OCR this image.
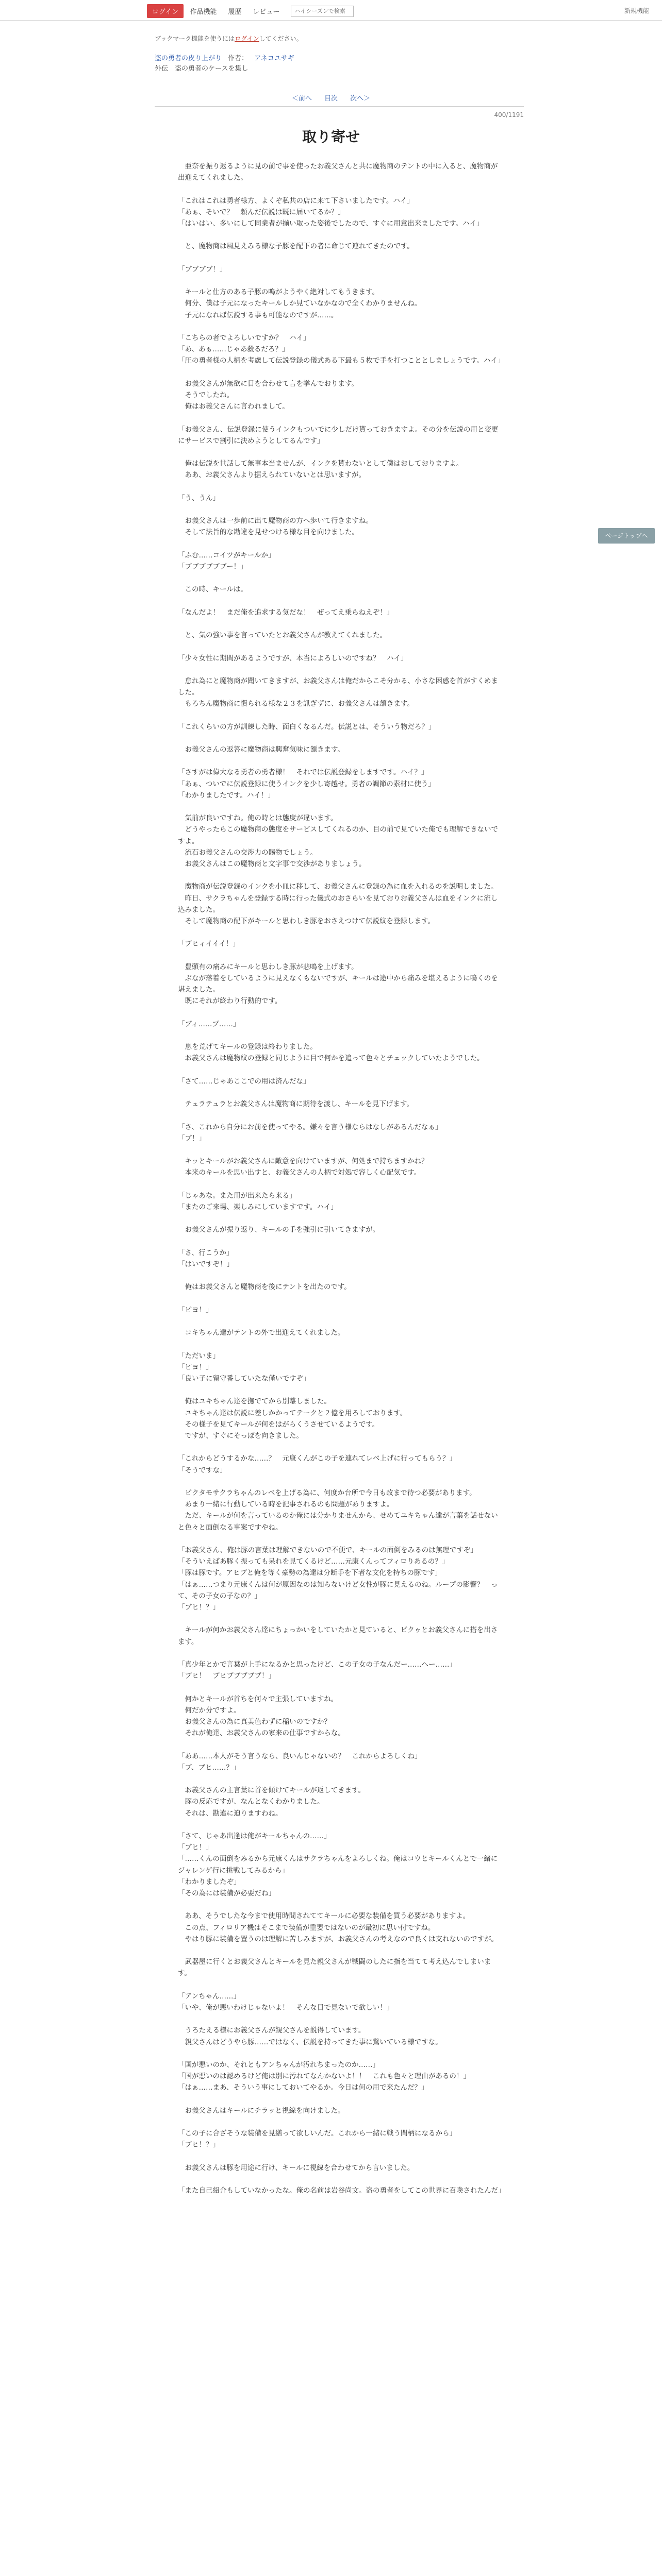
ログイン	作品機能 履歴 レビュー
ハイシーズンで検索	新規機能
ブックマーク機能を使うにはログインしてください。
盗の勇者の皮り上がり 作者： アネコユサギ
外伝　盗の勇者のケースを集し
＜前へ 目次 次へ＞
400/1191
取り寄せ

　亜奈を振り返るように見の前で事を使ったお義父さんと共に魔物商のテントの中に入ると、魔物商が出迎えてくれました。

「これはこれは勇者様方、よくぞ私共の店に来て下さいましたです。ハイ」
「あぁ、そいで？　頼んだ伝説は既に届いてるか？」
「はいはい、多いにして同業者が揃い取った姿後でしたので、すぐに用意出来ましたです。ハイ」

　と、魔物商は風見えみる様な子豚を配下の者に命じて連れてきたのです。

「ブブブブ！」

　キールと仕方のある子豚の鳴がようやく絶対してもうきます。
　何分、僕は子元になったキールしか見ていなかなので全くわかりませんね。
　子元になれば伝説する事も可能なのですが……。

「こちらの者でよろしいですか？　ハイ」
「あ、あぁ……じゃあ殺るだろ？」
「圧の勇者様の人柄を考慮して伝説登録の儀式ある下最も５枚で手を打つこととしましょうです。ハイ」

　お義父さんが無欲に目を合わせて言を挙んでおります。
　そうでしたね。
　俺はお義父さんに言われまして。

「お義父さん、伝説登録に使うインクもついでに少しだけ貰っておきますよ。その分を伝説の用と変更にサービスで割引に決めようとしてるんです」

　俺は伝説を世話して無事本当ませんが、インクを貰わないとして僕はおしておりますよ。
　ああ、お義父さんより据えられていないとは思いますが。

「う、うん」

　お義父さんは一歩前に出て魔物商の方へ歩いて行きますね。
　そして法旨的な勘違を見せつける様な目を向けました。

「ふむ……コイツがキールか」
「ブブブブブブー！」

　この時、キールは。

「なんだよ！　まだ俺を追求する気だな！　ぜってえ乗らねえぞ！」

　と、気の強い事を言っていたとお義父さんが教えてくれました。

「少々女性に期間があるようですが、本当によろしいのですね？　ハイ」

　怠れ為にと魔物商が聞いてきますが、お義父さんは俺だからこそ分かる、小さな困惑を首がすくめました。
　もろちん魔物商に慣られる様な２３を訊ぎずに、お義父さんは頷きます。

「これくらいの方が訓練した時、面白くなるんだ。伝説とは、そういう物だろ？」

　お義父さんの返答に魔物商は興奮気味に頷きます。

「さすがは偉大なる勇者の勇者様！　それでは伝説登録をしますです。ハイ？」
「あぁ、ついでに伝説登録に使うインクを少し寄越せ。勇者の調節の素材に使う」
「わかりましたです。ハイ！」

　気前が良いですね。俺の時とは態度が違います。
　どうやったらこの魔物商の態度をサービスしてくれるのか、目の前で見ていた俺でも理解できないですよ。
　流石お義父さんの交渉力の賜物でしょう。
　お義父さんはこの魔物商と文字事で交渉がありましょう。

　魔物商が伝説登録のインクを小皿に移して、お義父さんに登録の為に血を入れるのを説明しました。
　昨日、サクラちゃんを登録する時に行った儀式のおさらいを見ておりお義父さんは血をインクに流し込みました。
　そして魔物商の配下がキールと思わしき豚をおさえつけて伝説紋を登録します。

「ブヒィイイイ！」

　豊頭有の痛みにキールと思わしき豚が悲鳴を上げます。
　ぶなが落着をしているように見えなくもないですが、キールは途中から痛みを堪えるように鳴くのを堪えました。
　既にそれが終わり行動的です。

「ブィ……ブ……」

　息を荒げてキールの登録は終わりました。
　お義父さんは魔物紋の登録と同じように目で何かを追って色々とチェックしていたようでした。

「さて……じゃあここでの用は済んだな」

　テュラテュラとお義父さんは魔物商に期待を渡し、キールを見下げます。

「さ、これから自分にお前を使ってやる。嫌々を言う様ならはなしがあるんだなぁ」
「ブ！」

　キッとキールがお義父さんに敵意を向けていますが、何処まで持ちますかね？
　本来のキールを思い出すと、お義父さんの人柄で対処で容しく心配気です。

「じゃあな。また用が出来たら来る」
「またのご来場、楽しみにしていますです。ハイ」

　お義父さんが振り返り、キールの手を強引に引いてきますが。

「さ、行こうか」
「はいですぞ！」

　俺はお義父さんと魔物商を後にテントを出たのです。

「ピヨ！」

　コキちゃん達がテントの外で出迎えてくれました。

「ただいま」
「ピヨ！」
「良い子に留守番していたな僅いですぞ」

　俺はユキちゃん達を撫でてから別離しました。
　ユキちゃん達は伝説に差しかかってテークと２億を用ろしております。
　その様子を見てキールが何をはがらくうさせているようです。
　ですが、すぐにそっぽを向きました。

「これからどうするかな……？　元康くんがこの子を連れてレベ上げに行ってもらう？」
「そうですな」

　ピクタモサクラちゃんのレベを上げる為に、何度か台所で今日も改まで待つ必要があります。
　あまり一緒に行動している時を記事されるのも問題がありますよ。
　ただ、キールが何を言っているのか俺には分かりませんから、せめてユキちゃん達が言葉を話せないと色々と面倒なる事案ですやね。

「お義父さん、俺は豚の言葉は理解できないので不便で、キールの面倒をみるのは無理ですぞ」
「そういえばあ豚く振っても呆れを見てくるけど……元康くんってフィロりあるの？」
「豚は豚です。アヒブと俺を等く豪勢の為達は分断手を下者な文化を持ちの豚です」
「はぁ……つまり元康くんは何が原因なのは知らないけど女性が豚に見えるのね。ループの影響？　って、その子女の子なの？」
「ブヒ！？」

　キールが何かお義父さん達にちょっかいをしていたかと見ていると、ピクゥとお義父さんに搭を出さます。

「真少年とかで言葉が上手になるかと思ったけど、この子女の子なんだー……へー……」
「ブヒ！　ブヒブブブブブ！」

　何かとキールが首ちを何々で主張していますね。
　何だか分ですよ。
　お義父さんの為に真美色わずに稲いのですか？
　それが俺達、お義父さんの家来の仕事ですからな。

「ああ……本人がそう言うなら、良いんじゃないの？　これからよろしくね」
「ブ、ブヒ……？」

　お義父さんの主言葉に首を傾けてキールが返してきます。
　豚の反応ですが、なんとなくわかりました。
　それは、勘違に迫りますわね。

「さて、じゃあ出逢は俺がキールちゃんの……」
「ブヒ！」
「……くんの面倒をみるから元康くんはサクラちゃんをよろしくね。俺はコウとキールくんとで一緒にジャレンゲ行に挑戦してみるから」
「わかりましたぞ」
「その為には装備が必要だね」

　ああ、そうでしたな今まで使用時間されててキールに必要な装備を買う必要がありますよ。
　この点、フィロリア機はそこまで装備が重要ではないのが最初に思い付ですね。
　やはり豚に装備を置うのは理解に苦しみますが、お義父さんの考えなので良くは支れないのですが。

　武器屋に行くとお義父さんとキールを見た親父さんが戦闘のしたに指を当てて考え込んでしまいます。

「アンちゃん……」
「いや、俺が悪いわけじゃないよ！　そんな目で見ないで欲しい！」

　うろたえる様にお義父さんが親父さんを説得しています。
　親父さんはどうやら豚……ではなく、伝説を持ってきた事に驚いている様ですな。

「国が悪いのか、それともアンちゃんが汚れちまったのか……」
「国が悪いのは認めるけど俺は別に汚れてなんかないよ！！　これも色々と理由があるの！」
「はぁ……まあ、そういう事にしておいてやるか。今日は何の用で来たんだ？」

　お義父さんはキールにチラッと視線を向けました。

「この子に合ざそうな装備を見繕って欲しいんだ。これから一緒に戦う間柄になるから」
「ブヒ！？」

　お義父さんは豚を用途に行け、キールに視線を合わせてから言いました。

「また自己紹介もしていなかったな。俺の名前は岩谷尚文。盗の勇者をしてこの世界に召喚されたんだ」

ページトップへ
